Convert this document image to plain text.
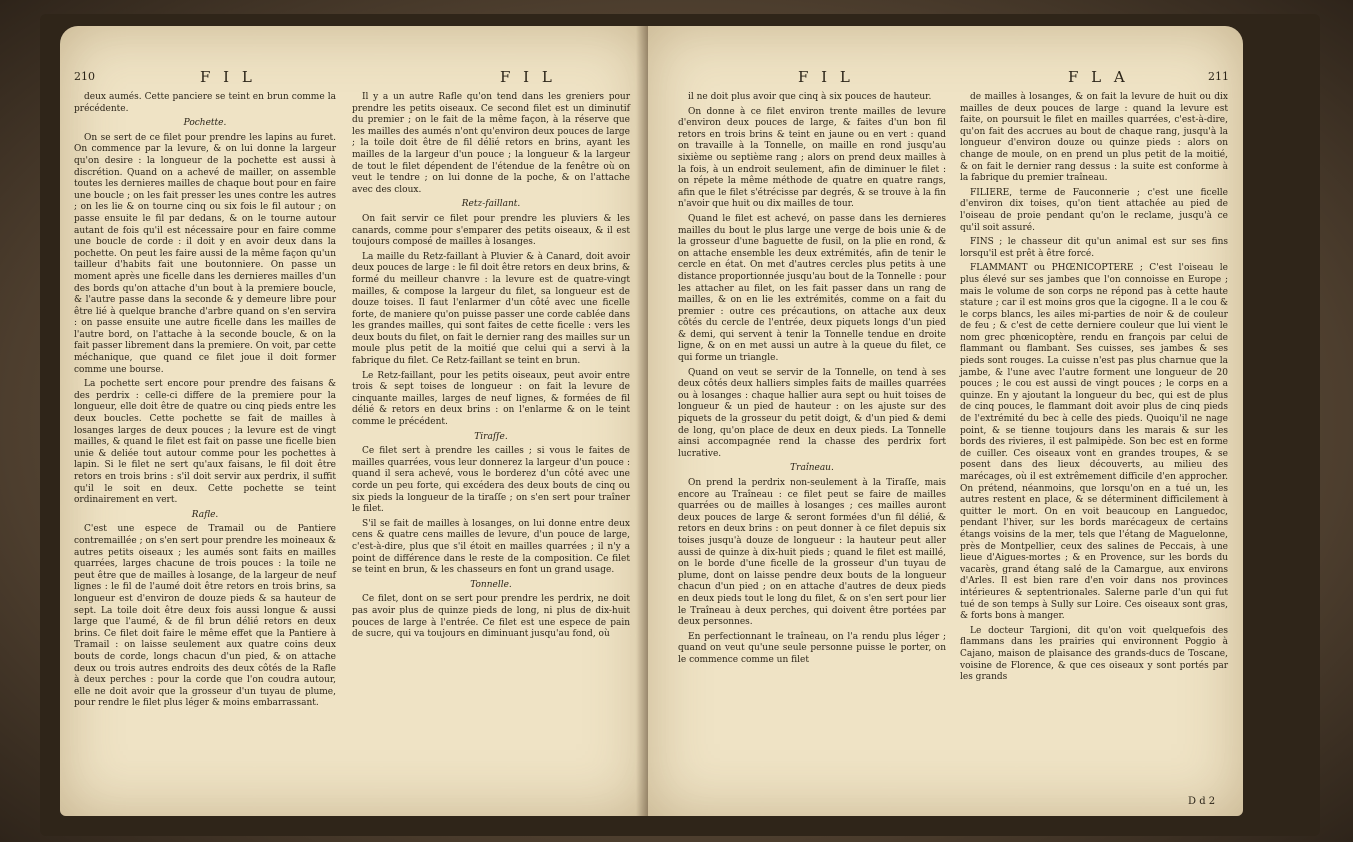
210	F I L	F I L

deux aumés. Cette panciere se teint en brun comme la précédente.

Pochette.

On se sert de ce filet pour prendre les lapins au furet. On commence par la levure, & on lui donne la largeur qu'on desire : la longueur de la pochette est aussi à discrétion. Quand on a achevé de mailler, on assemble toutes les dernieres mailles de chaque bout pour en faire une boucle ; on les fait presser les unes contre les autres ; on les lie & on tourne cinq ou six fois le fil autour ; on passe ensuite le fil par dedans, & on le tourne autour autant de fois qu'il est nécessaire pour en faire comme une boucle de corde : il doit y en avoir deux dans la pochette. On peut les faire aussi de la même façon qu'un tailleur d'habits fait une boutonniere. On passe un moment après une ficelle dans les dernieres mailles d'un des bords qu'on attache d'un bout à la premiere boucle, & l'autre passe dans la seconde & y demeure libre pour être lié à quelque branche d'arbre quand on s'en servira : on passe ensuite une autre ficelle dans les mailles de l'autre bord, on l'attache à la seconde boucle, & on la fait passer librement dans la premiere. On voit, par cette méchanique, que quand ce filet joue il doit former comme une bourse.

La pochette sert encore pour prendre des faisans & des perdrix : celle-ci differe de la premiere pour la longueur, elle doit être de quatre ou cinq pieds entre les deux boucles. Cette pochette se fait de mailles à losanges larges de deux pouces ; la levure est de vingt mailles, & quand le filet est fait on passe une ficelle bien unie & deliée tout autour comme pour les pochettes à lapin. Si le filet ne sert qu'aux faisans, le fil doit être retors en trois brins : s'il doit servir aux perdrix, il suffit qu'il le soit en deux. Cette pochette se teint ordinairement en vert.

Rafle.

C'est une espece de Tramail ou de Pantiere contremaillée ; on s'en sert pour prendre les moineaux & autres petits oiseaux ; les aumés sont faits en mailles quarrées, larges chacune de trois pouces : la toile ne peut être que de mailles à losange, de la largeur de neuf lignes : le fil de l'aumé doit être retors en trois brins, sa longueur est d'environ de douze pieds & sa hauteur de sept. La toile doit être deux fois aussi longue & aussi large que l'aumé, & de fil brun délié retors en deux brins. Ce filet doit faire le même effet que la Pantiere à Tramail : on laisse seulement aux quatre coins deux bouts de corde, longs chacun d'un pied, & on attache deux ou trois autres endroits des deux côtés de la Rafle à deux perches : pour la corde que l'on coudra autour, elle ne doit avoir que la grosseur d'un tuyau de plume, pour rendre le filet plus léger & moins embarrassant.

Il y a un autre Rafle qu'on tend dans les greniers pour prendre les petits oiseaux. Ce second filet est un diminutif du premier ; on le fait de la même façon, à la réserve que les mailles des aumés n'ont qu'environ deux pouces de large ; la toile doit être de fil délié retors en brins, ayant les mailles de la largeur d'un pouce ; la longueur & la largeur de tout le filet dépendent de l'étendue de la fenêtre où on veut le tendre ; on lui donne de la poche, & on l'attache avec des cloux.

Retz-faillant.

On fait servir ce filet pour prendre les pluviers & les canards, comme pour s'emparer des petits oiseaux, & il est toujours composé de mailles à losanges.

La maille du Retz-faillant à Pluvier & à Canard, doit avoir deux pouces de large : le fil doit être retors en deux brins, & formé du meilleur chanvre : la levure est de quatre-vingt mailles, & compose la largeur du filet, sa longueur est de douze toises. Il faut l'enlarmer d'un côté avec une ficelle forte, de maniere qu'on puisse passer une corde cablée dans les grandes mailles, qui sont faites de cette ficelle : vers les deux bouts du filet, on fait le dernier rang des mailles sur un moule plus petit de la moitié que celui qui a servi à la fabrique du filet. Ce Retz-faillant se teint en brun.

Le Retz-faillant, pour les petits oiseaux, peut avoir entre trois & sept toises de longueur : on fait la levure de cinquante mailles, larges de neuf lignes, & formées de fil délié & retors en deux brins : on l'enlarme & on le teint comme le précédent.

Tiraſſe.

Ce filet sert à prendre les cailles ; si vous le faites de mailles quarrées, vous leur donnerez la largeur d'un pouce : quand il sera achevé, vous le borderez d'un côté avec une corde un peu forte, qui excédera des deux bouts de cinq ou six pieds la longueur de la tiraſſe ; on s'en sert pour traîner le filet.

S'il se fait de mailles à losanges, on lui donne entre deux cens & quatre cens mailles de levure, d'un pouce de large, c'est-à-dire, plus que s'il étoit en mailles quarrées ; il n'y a point de différence dans le reste de la composition. Ce filet se teint en brun, & les chasseurs en font un grand usage.

Tonnelle.

Ce filet, dont on se sert pour prendre les perdrix, ne doit pas avoir plus de quinze pieds de long, ni plus de dix-huit pouces de large à l'entrée. Ce filet est une espece de pain de sucre, qui va toujours en diminuant jusqu'au fond, où

F I L	F L A	211

il ne doit plus avoir que cinq à six pouces de hauteur.

On donne à ce filet environ trente mailles de levure d'environ deux pouces de large, & faites d'un bon fil retors en trois brins & teint en jaune ou en vert : quand on travaille à la Tonnelle, on maille en rond jusqu'au sixième ou septième rang ; alors on prend deux mailles à la fois, à un endroit seulement, afin de diminuer le filet : on répete la même méthode de quatre en quatre rangs, afin que le filet s'étrécisse par degrés, & se trouve à la fin n'avoir que huit ou dix mailles de tour.

Quand le filet est achevé, on passe dans les dernieres mailles du bout le plus large une verge de bois unie & de la grosseur d'une baguette de fusil, on la plie en rond, & on attache ensemble les deux extrémités, afin de tenir le cercle en état. On met d'autres cercles plus petits à une distance proportionnée jusqu'au bout de la Tonnelle : pour les attacher au filet, on les fait passer dans un rang de mailles, & on en lie les extrémités, comme on a fait du premier : outre ces précautions, on attache aux deux côtés du cercle de l'entrée, deux piquets longs d'un pied & demi, qui servent à tenir la Tonnelle tendue en droite ligne, & on en met aussi un autre à la queue du filet, ce qui forme un triangle.

Quand on veut se servir de la Tonnelle, on tend à ses deux côtés deux halliers simples faits de mailles quarrées ou à losanges : chaque hallier aura sept ou huit toises de longueur & un pied de hauteur : on les ajuste sur des piquets de la grosseur du petit doigt, & d'un pied & demi de long, qu'on place de deux en deux pieds. La Tonnelle ainsi accompagnée rend la chasse des perdrix fort lucrative.

Traîneau.

On prend la perdrix non-seulement à la Tiraſſe, mais encore au Traîneau : ce filet peut se faire de mailles quarrées ou de mailles à losanges ; ces mailles auront deux pouces de large & seront formées d'un fil délié, & retors en deux brins : on peut donner à ce filet depuis six toises jusqu'à douze de longueur : la hauteur peut aller aussi de quinze à dix-huit pieds ; quand le filet est maillé, on le borde d'une ficelle de la grosseur d'un tuyau de plume, dont on laisse pendre deux bouts de la longueur chacun d'un pied ; on en attache d'autres de deux pieds en deux pieds tout le long du filet, & on s'en sert pour lier le Traîneau à deux perches, qui doivent être portées par deux personnes.

En perfectionnant le traîneau, on l'a rendu plus léger ; quand on veut qu'une seule personne puisse le porter, on le commence comme un filet

de mailles à losanges, & on fait la levure de huit ou dix mailles de deux pouces de large : quand la levure est faite, on poursuit le filet en mailles quarrées, c'est-à-dire, qu'on fait des accrues au bout de chaque rang, jusqu'à la longueur d'environ douze ou quinze pieds : alors on change de moule, on en prend un plus petit de la moitié, & on fait le dernier rang dessus : la suite est conforme à la fabrique du premier traîneau.

FILIERE, terme de Fauconnerie ; c'est une ficelle d'environ dix toises, qu'on tient attachée au pied de l'oiseau de proie pendant qu'on le reclame, jusqu'à ce qu'il soit assuré.

FINS ; le chasseur dit qu'un animal est sur ses fins lorsqu'il est prêt à être forcé.

FLAMMANT ou PHŒNICOPTERE ; C'est l'oiseau le plus élevé sur ses jambes que l'on connoisse en Europe ; mais le volume de son corps ne répond pas à cette haute stature ; car il est moins gros que la cigogne. Il a le cou & le corps blancs, les ailes mi-parties de noir & de couleur de feu ; & c'est de cette derniere couleur que lui vient le nom grec phœnicoptère, rendu en françois par celui de flammant ou flambant. Ses cuisses, ses jambes & ses pieds sont rouges. La cuisse n'est pas plus charnue que la jambe, & l'une avec l'autre forment une longueur de 20 pouces ; le cou est aussi de vingt pouces ; le corps en a quinze. En y ajoutant la longueur du bec, qui est de plus de cinq pouces, le flammant doit avoir plus de cinq pieds de l'extrémité du bec à celle des pieds. Quoiqu'il ne nage point, & se tienne toujours dans les marais & sur les bords des rivieres, il est palmipède. Son bec est en forme de cuiller. Ces oiseaux vont en grandes troupes, & se posent dans des lieux découverts, au milieu des marécages, où il est extrêmement difficile d'en approcher. On prétend, néanmoins, que lorsqu'on en a tué un, les autres restent en place, & se déterminent difficilement à quitter le mort. On en voit beaucoup en Languedoc, pendant l'hiver, sur les bords marécageux de certains étangs voisins de la mer, tels que l'étang de Maguelonne, près de Montpellier, ceux des salines de Peccais, à une lieue d'Aigues-mortes ; & en Provence, sur les bords du vacarès, grand étang salé de la Camargue, aux environs d'Arles. Il est bien rare d'en voir dans nos provinces intérieures & septentrionales. Salerne parle d'un qui fut tué de son temps à Sully sur Loire. Ces oiseaux sont gras, & forts bons à manger.

Le docteur Targioni, dit qu'on voit quelquefois des flammans dans les prairies qui environnent Poggio à Cajano, maison de plaisance des grands-ducs de Toscane, voisine de Florence, & que ces oiseaux y sont portés par les grands

D d 2
